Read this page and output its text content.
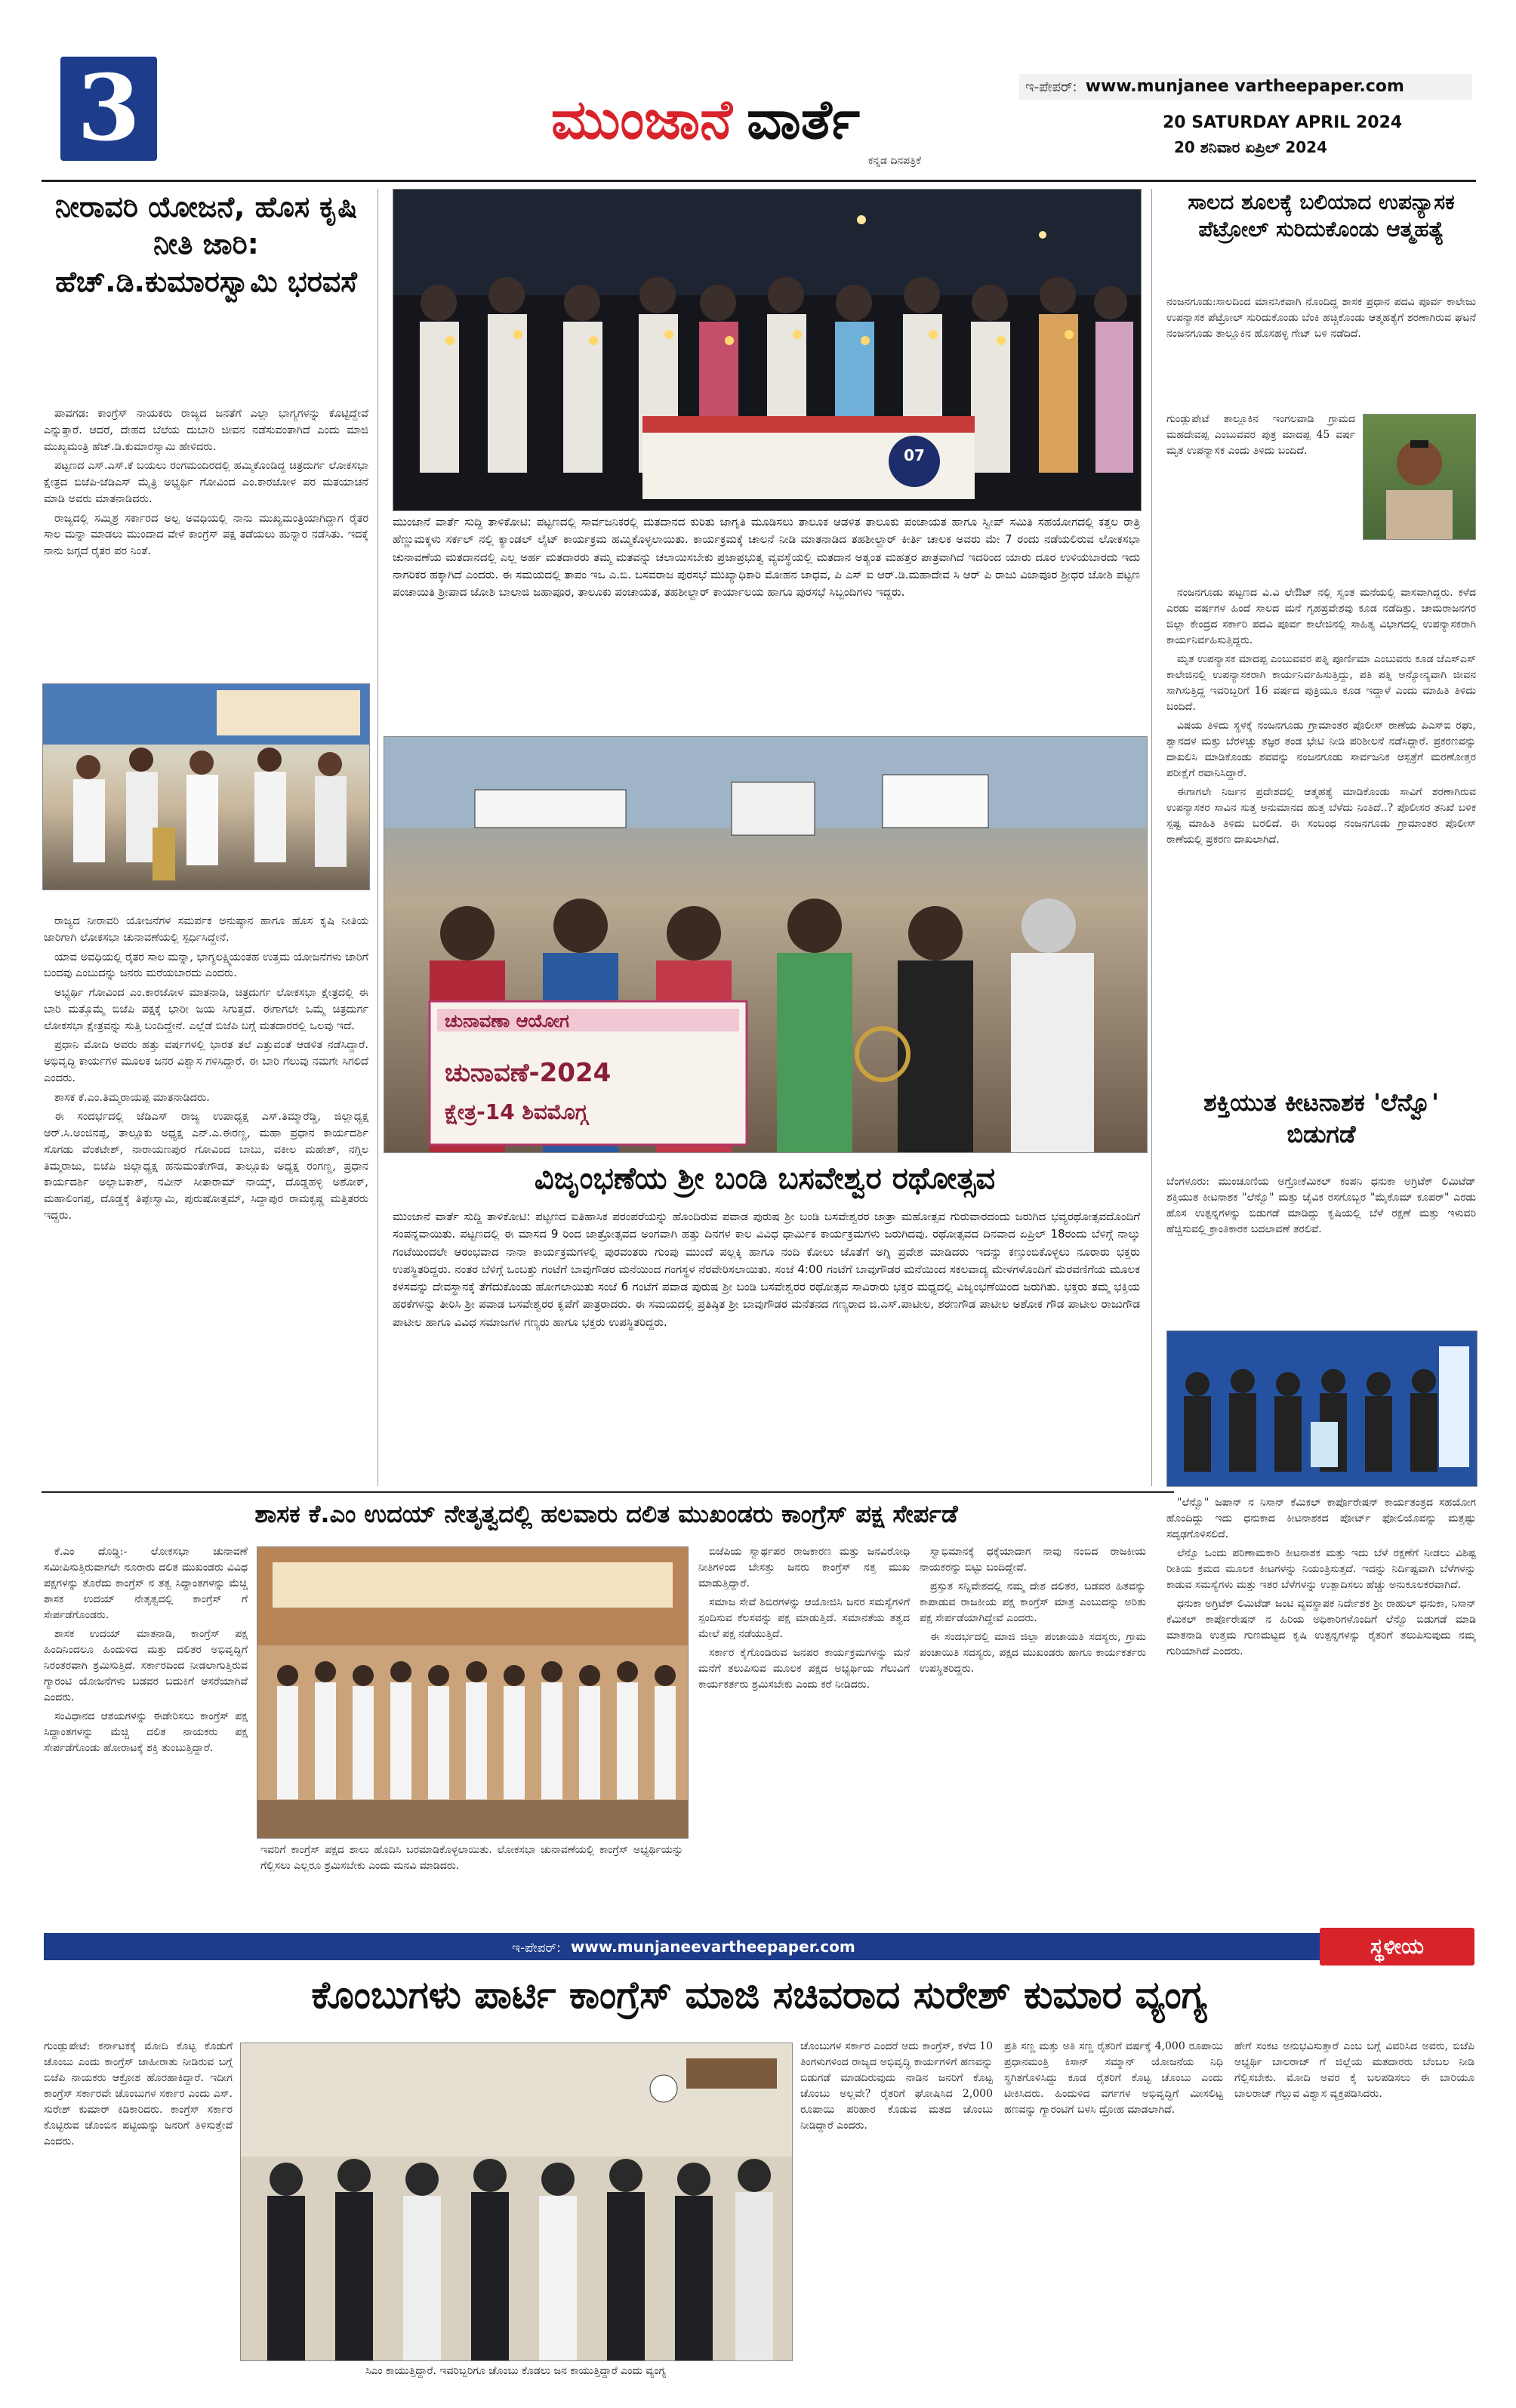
3	ಮುಂಜಾನೆ ವಾರ್ತೆ
ಕನ್ನಡ ದಿನಪತ್ರಿಕೆ
ಇ-ಪೇಪರ್: www.munjanee vartheepaper.com
20 SATURDAY APRIL 2024
20 ಶನಿವಾರ ಏಪ್ರಿಲ್ 2024
ನೀರಾವರಿ ಯೋಜನೆ, ಹೊಸ ಕೃಷಿ ನೀತಿ ಜಾರಿ: ಹೆಚ್.ಡಿ.ಕುಮಾರಸ್ವಾಮಿ ಭರವಸೆ

ಪಾವಗಡ: ಕಾಂಗ್ರೆಸ್ ನಾಯಕರು ರಾಜ್ಯದ ಜನತೆಗೆ ಎಲ್ಲಾ ಭಾಗ್ಯಗಳನ್ನು ಕೊಟ್ಟಿದ್ದೇವೆ ಎನ್ನುತ್ತಾರೆ. ಆದರೆ, ದೇಹದ ಬೆಲೆಯ ದುಬಾರಿ ಜೀವನ ನಡೆಸುವಂತಾಗಿದೆ ಎಂದು ಮಾಜಿ ಮುಖ್ಯಮಂತ್ರಿ ಹೆಚ್.ಡಿ.ಕುಮಾರಸ್ವಾಮಿ ಹೇಳಿದರು.

ಪಟ್ಟಣದ ಎಸ್.ಎಸ್.ಕೆ ಬಯಲು ರಂಗಮಂದಿರದಲ್ಲಿ ಹಮ್ಮಿಕೊಂಡಿದ್ದ ಚಿತ್ರದುರ್ಗ ಲೋಕಸಭಾ ಕ್ಷೇತ್ರದ ಬಿಜೆಪಿ-ಜೆಡಿಎಸ್ ಮೈತ್ರಿ ಅಭ್ಯರ್ಥಿ ಗೋವಿಂದ ಎಂ.ಕಾರಜೋಳ ಪರ ಮತಯಾಚನೆ ಮಾಡಿ ಅವರು ಮಾತನಾಡಿದರು.

ರಾಜ್ಯದಲ್ಲಿ ಸಮ್ಮಿಶ್ರ ಸರ್ಕಾರದ ಅಲ್ಪ ಅವಧಿಯಲ್ಲಿ ನಾನು ಮುಖ್ಯಮಂತ್ರಿಯಾಗಿದ್ದಾಗ ರೈತರ ಸಾಲ ಮನ್ನಾ ಮಾಡಲು ಮುಂದಾದ ವೇಳೆ ಕಾಂಗ್ರೆಸ್ ಪಕ್ಷ ತಡೆಯಲು ಹುನ್ನಾರ ನಡೆಸಿತು. ಇದಕ್ಕೆ ನಾನು ಜಗ್ಗದೆ ರೈತರ ಪರ ನಿಂತೆ.

ರಾಜ್ಯದ ನೀರಾವರಿ ಯೋಜನೆಗಳ ಸಮರ್ಪಕ ಅನುಷ್ಠಾನ ಹಾಗೂ ಹೊಸ ಕೃಷಿ ನೀತಿಯ ಜಾರಿಗಾಗಿ ಲೋಕಸಭಾ ಚುನಾವಣೆಯಲ್ಲಿ ಸ್ಪರ್ಧಿಸಿದ್ದೇನೆ.

ಯಾವ ಅವಧಿಯಲ್ಲಿ ರೈತರ ಸಾಲ ಮನ್ನಾ, ಭಾಗ್ಯಲಕ್ಷ್ಮಿಯಂತಹ ಉತ್ತಮ ಯೋಜನೆಗಳು ಜಾರಿಗೆ ಬಂದವು ಎಂಬುದನ್ನು ಜನರು ಮರೆಯಬಾರದು ಎಂದರು.

ಅಭ್ಯರ್ಥಿ ಗೋವಿಂದ ಎಂ.ಕಾರಜೋಳ ಮಾತನಾಡಿ, ಚಿತ್ರದುರ್ಗ ಲೋಕಸಭಾ ಕ್ಷೇತ್ರದಲ್ಲಿ ಈ ಬಾರಿ ಮತ್ತೊಮ್ಮೆ ಬಿಜೆಪಿ ಪಕ್ಷಕ್ಕೆ ಭಾರೀ ಜಯ ಸಿಗುತ್ತದೆ. ಈಗಾಗಲೇ ಒಮ್ಮೆ ಚಿತ್ರದುರ್ಗ ಲೋಕಸಭಾ ಕ್ಷೇತ್ರವನ್ನು ಸುತ್ತಿ ಬಂದಿದ್ದೇನೆ. ಎಲ್ಲೆಡೆ ಬಿಜೆಪಿ ಬಗ್ಗೆ ಮತದಾರರಲ್ಲಿ ಒಲವು ಇದೆ.

ಪ್ರಧಾನಿ ಮೋದಿ ಅವರು ಹತ್ತು ವರ್ಷಗಳಲ್ಲಿ ಭಾರತ ತಲೆ ಎತ್ತುವಂತೆ ಆಡಳಿತ ನಡೆಸಿದ್ದಾರೆ. ಅಭಿವೃದ್ಧಿ ಕಾರ್ಯಗಳ ಮೂಲಕ ಜನರ ವಿಶ್ವಾಸ ಗಳಿಸಿದ್ದಾರೆ. ಈ ಬಾರಿ ಗೆಲುವು ನಮಗೇ ಸಿಗಲಿದೆ ಎಂದರು.

ಶಾಸಕ ಕೆ.ಎಂ.ತಿಮ್ಮರಾಯಪ್ಪ ಮಾತನಾಡಿದರು.

ಈ ಸಂದರ್ಭದಲ್ಲಿ ಜೆಡಿಎಸ್ ರಾಜ್ಯ ಉಪಾಧ್ಯಕ್ಷ ಎಸ್.ತಿಮ್ಮಾರೆಡ್ಡಿ, ಜಿಲ್ಲಾಧ್ಯಕ್ಷ ಆರ್.ಸಿ.ಅಂಜಿನಪ್ಪ, ತಾಲ್ಲೂಕು ಅಧ್ಯಕ್ಷ ಎನ್.ಎ.ಈರಣ್ಣ, ಮಹಾ ಪ್ರಧಾನ ಕಾರ್ಯದರ್ಶಿ ಸೊಗಡು ವೆಂಕಟೇಶ್, ನಾರಾಯಣಪುರ ಗೋವಿಂದ ಬಾಬು, ವಕೀಲ ಮಹೇಶ್, ನಗ್ಗಿಲ ತಿಮ್ಮರಾಜು, ಬಿಜೆಪಿ ಜಿಲ್ಲಾಧ್ಯಕ್ಷ ಹನುಮಂತೇಗೌಡ, ತಾಲ್ಲೂಕು ಅಧ್ಯಕ್ಷ ರಂಗಣ್ಣ, ಪ್ರಧಾನ ಕಾರ್ಯದರ್ಶಿ ಅಲ್ಲಾಬಕಾಶ್, ನವೀನ್ ಸೀತಾರಾಮ್ ನಾಯ್ಕ್, ದೊಡ್ಡಹಳ್ಳಿ ಅಶೋಕ್, ಮಹಾಲಿಂಗಪ್ಪ, ದೊಡ್ಡಕ್ಕೆ ತಿಪ್ಪೇಸ್ವಾಮಿ, ಪುರುಷೋತ್ತಮ್, ಸಿದ್ದಾಪುರ ರಾಮಕೃಷ್ಣ ಮತ್ತಿತರರು ಇದ್ದರು.

07
ಮುಂಜಾನೆ ವಾರ್ತೆ ಸುದ್ದಿ ತಾಳಿಕೋಟಿ: ಪಟ್ಟಣದಲ್ಲಿ ಸಾರ್ವಜನಿಕರಲ್ಲಿ ಮತದಾನದ ಕುರಿತು ಜಾಗೃತಿ ಮೂಡಿಸಲು ತಾಲೂಕ ಆಡಳಿತ ತಾಲೂಕು ಪಂಚಾಯತ ಹಾಗೂ ಸ್ವೀಪ್ ಸಮಿತಿ ಸಹಯೋಗದಲ್ಲಿ ಕತ್ತಲ ರಾತ್ರಿ ಹೆಣ್ಣುಮಕ್ಕಳು ಸರ್ಕಲ್ ನಲ್ಲಿ ಕ್ಯಾಂಡಲ್ ಲೈಟ್ ಕಾರ್ಯಕ್ರಮ ಹಮ್ಮಿಕೊಳ್ಳಲಾಯಿತು. ಕಾರ್ಯಕ್ರಮಕ್ಕೆ ಚಾಲನೆ ನೀಡಿ ಮಾತನಾಡಿದ ತಹಶೀಲ್ದಾರ್ ಕೀರ್ತಿ ಚಾಲಕ ಅವರು ಮೇ 7 ರಂದು ನಡೆಯಲಿರುವ ಲೋಕಸಭಾ ಚುನಾವಣೆಯ ಮತದಾನದಲ್ಲಿ ಎಲ್ಲ ಅರ್ಹ ಮತದಾರರು ತಮ್ಮ ಮತವನ್ನು ಚಲಾಯಿಸಬೇಕು ಪ್ರಜಾಪ್ರಭುತ್ವ ವ್ಯವಸ್ಥೆಯಲ್ಲಿ ಮತದಾನ ಅತ್ಯಂತ ಮಹತ್ತರ ಪಾತ್ರವಾಗಿದೆ ಇದರಿಂದ ಯಾರು ದೂರ ಉಳಿಯಬಾರದು ಇದು ನಾಗರಿಕರ ಹಕ್ಕಾಗಿದೆ ಎಂದರು. ಈ ಸಮಯದಲ್ಲಿ ತಾಪಂ ಇಒ ಎ.ಬಿ. ಬಸವರಾಜ ಪುರಸಭೆ ಮುಖ್ಯಾಧಿಕಾರಿ ಮೋಹನ ಜಾಧವ, ಪಿ ಎಸ್ ಐ ಆರ್.ಡಿ.ಮಹಾದೇವ ಸಿ ಆರ್ ಪಿ ರಾಜು ವಿಜಾಪೂರ ಶ್ರೀಧರ ಜೋಶಿ ಪಟ್ಟಣ ಪಂಚಾಯಿತಿ ಶ್ರೀಪಾದ ಜೋಶಿ ಬಾಲಾಜಿ ಜಹಾಪೂರ, ತಾಲೂಕು ಪಂಚಾಯತ, ತಹಶೀಲ್ದಾರ್ ಕಾರ್ಯಾಲಯ ಹಾಗೂ ಪುರಸಭೆ ಸಿಬ್ಬಂದಿಗಳು ಇದ್ದರು.
ಚುನಾವಣಾ ಆಯೋಗ
ಚುನಾವಣೆ-2024
ಕ್ಷೇತ್ರ-14 ಶಿವಮೊಗ್ಗ
ವಿಜೃಂಭಣೆಯ ಶ್ರೀ ಬಂಡಿ ಬಸವೇಶ್ವರ ರಥೋತ್ಸವ
ಮುಂಜಾನೆ ವಾರ್ತೆ ಸುದ್ದಿ ತಾಳಿಕೋಟಿ: ಪಟ್ಟಣದ ಐತಿಹಾಸಿಕ ಪರಂಪರೆಯನ್ನು ಹೊಂದಿರುವ ಪವಾಡ ಪುರುಷ ಶ್ರೀ ಬಂಡಿ ಬಸವೇಶ್ವರರ ಜಾತ್ರಾ ಮಹೋತ್ಸವ ಗುರುವಾರದಂದು ಜರುಗಿದ ಭವ್ಯರಥೋತ್ಸವದೊಂದಿಗೆ ಸಂಪನ್ನವಾಯಿತು. ಪಟ್ಟಣದಲ್ಲಿ ಈ ಮಾಸದ 9 ರಿಂದ ಜಾತ್ರೋತ್ಸವದ ಅಂಗವಾಗಿ ಹತ್ತು ದಿನಗಳ ಕಾಲ ವಿವಿಧ ಧಾರ್ಮಿಕ ಕಾರ್ಯಕ್ರಮಗಳು ಜರುಗಿದವು. ರಥೋತ್ಸವದ ದಿನವಾದ ಏಪ್ರಿಲ್ 18ರಂದು ಬೆಳಿಗ್ಗೆ ನಾಲ್ಕು ಗಂಟೆಯಿಂದಲೇ ಆರಂಭವಾದ ನಾನಾ ಕಾರ್ಯಕ್ರಮಗಳಲ್ಲಿ ಪುರವಂತರು ಗುಂಪು ಮುಂದೆ ಪಲ್ಲಕ್ಕಿ ಹಾಗೂ ನಂದಿ ಕೋಲು ಜೊತೆಗೆ ಅಗ್ನಿ ಪ್ರವೇಶ ಮಾಡಿದರು ಇದನ್ನು ಕಣ್ತುಂಬಿಕೊಳ್ಳಲು ನೂರಾರು ಭಕ್ತರು ಉಪಸ್ಥಿತರಿದ್ದರು. ನಂತರ ಬೆಳಿಗ್ಗೆ ಒಂಬತ್ತು ಗಂಟೆಗೆ ಬಾವುಗೌಡರ ಮನೆಯಿಂದ ಗಂಗಸ್ಥಳ ನೆರವೇರಿಸಲಾಯಿತು. ಸಂಜೆ 4:00 ಗಂಟೆಗೆ ಬಾವುಗೌಡರ ಮನೆಯಿಂದ ಸಕಲವಾದ್ಯ ಮೇಳಗಳೊಂದಿಗೆ ಮೆರವಣಿಗೆಯ ಮೂಲಕ ಕಳಸವನ್ನು ದೇವಸ್ಥಾನಕ್ಕೆ ತೆಗೆದುಕೊಂಡು ಹೋಗಲಾಯಿತು ಸಂಜೆ 6 ಗಂಟೆಗೆ ಪವಾಡ ಪುರುಷ ಶ್ರೀ ಬಂಡಿ ಬಸವೇಶ್ವರರ ರಥೋತ್ಸವ ಸಾವಿರಾರು ಭಕ್ತರ ಮಧ್ಯದಲ್ಲಿ ವಿಜೃಂಭಣೆಯಿಂದ ಜರುಗಿತು. ಭಕ್ತರು ತಮ್ಮ ಭಕ್ತಿಯ ಹರಕೆಗಳನ್ನು ತೀರಿಸಿ ಶ್ರೀ ಪವಾಡ ಬಸವೇಶ್ವರರ ಕೃಪೆಗೆ ಪಾತ್ರರಾದರು. ಈ ಸಮಯದಲ್ಲಿ ಪ್ರತಿಷ್ಠಿತ ಶ್ರೀ ಬಾವುಗೌಡರ ಮನೆತನದ ಗಣ್ಯರಾದ ಜಿ.ಎಸ್.ಪಾಟೀಲ, ಶರಣಗೌಡ ಪಾಟೀಲ ಅಶೋಕ ಗೌಡ ಪಾಟೀಲ ರಾಜುಗೌಡ ಪಾಟೀಲ ಹಾಗೂ ವಿವಿಧ ಸಮಾಜಗಳ ಗಣ್ಯರು ಹಾಗೂ ಭಕ್ತರು ಉಪಸ್ಥಿತರಿದ್ದರು.
ಸಾಲದ ಶೂಲಕ್ಕೆ ಬಲಿಯಾದ ಉಪನ್ಯಾಸಕ ಪೆಟ್ರೋಲ್ ಸುರಿದುಕೊಂಡು ಆತ್ಮಹತ್ಯೆ
ನಂಜನಗೂಡು:ಸಾಲದಿಂದ ಮಾನಸಿಕವಾಗಿ ನೊಂದಿದ್ದ ಶಾಸಕ ಪ್ರಧಾನ ಪದವಿ ಪೂರ್ವ ಕಾಲೇಜು ಉಪನ್ಯಾಸಕ ಪೆಟ್ರೋಲ್ ಸುರಿದುಕೊಂಡು ಬೆಂಕಿ ಹಚ್ಚಿಕೊಂಡು ಆತ್ಮಹತ್ಯೆಗೆ ಶರಣಾಗಿರುವ ಘಟನೆ ನಂಜನಗೂಡು ತಾಲ್ಲೂಕಿನ ಹೊಸಹಳ್ಳಿ ಗೇಟ್ ಬಳಿ ನಡೆದಿದೆ.
ಗುಂಡ್ಲುಪೇಟೆ ತಾಲ್ಲೂಕಿನ ಇಂಗಲವಾಡಿ ಗ್ರಾಮದ ಮಹದೇವಪ್ಪ ಎಂಬುವವರ ಪುತ್ರ ಮಾದಪ್ಪ 45 ವರ್ಷ ಮೃತ ಉಪನ್ಯಾಸಕ ಎಂದು ತಿಳಿದು ಬಂದಿದೆ.

ನಂಜನಗೂಡು ಪಟ್ಟಣದ ವಿ.ವಿ ಲೇಔಟ್ ನಲ್ಲಿ ಸ್ವಂತ ಮನೆಯಲ್ಲಿ ವಾಸವಾಗಿದ್ದರು. ಕಳೆದ ಎರಡು ವರ್ಷಗಳ ಹಿಂದೆ ಸಾಲದ ಮನೆ ಗೃಹಪ್ರವೇಶವು ಕೂಡ ನಡೆದಿತ್ತು. ಚಾಮರಾಜನಗರ ಜಿಲ್ಲಾ ಕೇಂದ್ರದ ಸರ್ಕಾರಿ ಪದವಿ ಪೂರ್ವ ಕಾಲೇಜಿನಲ್ಲಿ ಸಾಹಿತ್ಯ ವಿಭಾಗದಲ್ಲಿ ಉಪನ್ಯಾಸಕರಾಗಿ ಕಾರ್ಯನಿರ್ವಹಿಸುತ್ತಿದ್ದರು.

ಮೃತ ಉಪನ್ಯಾಸಕ ಮಾದಪ್ಪ ಎಂಬುವವರ ಪತ್ನಿ ಪೂರ್ಣಿಮಾ ಎಂಬುವರು ಕೂಡ ಜೆಎಸ್‌ಎಸ್ ಕಾಲೇಜಿನಲ್ಲಿ ಉಪನ್ಯಾಸಕರಾಗಿ ಕಾರ್ಯನಿರ್ವಹಿಸುತ್ತಿದ್ದು, ಪತಿ ಪತ್ನಿ ಅನ್ಯೋನ್ಯವಾಗಿ ಜೀವನ ಸಾಗಿಸುತ್ತಿದ್ದ ಇವರಿಬ್ಬರಿಗೆ 16 ವರ್ಷದ ಪುತ್ರಿಯೂ ಕೂಡ ಇದ್ದಾಳೆ ಎಂದು ಮಾಹಿತಿ ತಿಳಿದು ಬಂದಿದೆ.

ವಿಷಯ ತಿಳಿದು ಸ್ಥಳಕ್ಕೆ ನಂಜನಗೂಡು ಗ್ರಾಮಾಂತರ ಪೊಲೀಸ್ ಠಾಣೆಯ ಪಿಎಸ್‌ಐ ರಘು, ಶ್ವಾನದಳ ಮತ್ತು ಬೆರಳಚ್ಚು ತಜ್ಞರ ತಂಡ ಭೇಟಿ ನೀಡಿ ಪರಿಶೀಲನೆ ನಡೆಸಿದ್ದಾರೆ. ಪ್ರಕರಣವನ್ನು ದಾಖಲಿಸಿ ಮಾಡಿಕೊಂಡು ಶವವನ್ನು ನಂಜನಗೂಡು ಸಾರ್ವಜನಿಕ ಆಸ್ಪತ್ರೆಗೆ ಮರಣೋತ್ತರ ಪರೀಕ್ಷೆಗೆ ರವಾನಿಸಿದ್ದಾರೆ.

ಈಗಾಗಲೇ ನಿರ್ಜನ ಪ್ರದೇಶದಲ್ಲಿ ಆತ್ಮಹತ್ಯೆ ಮಾಡಿಕೊಂಡು ಸಾವಿಗೆ ಶರಣಾಗಿರುವ ಉಪನ್ಯಾಸಕರ ಸಾವಿನ ಸುತ್ತ ಅನುಮಾನದ ಹುತ್ತ ಬೆಳೆದು ನಿಂತಿದೆ..? ಪೊಲೀಸರ ತನಿಖೆ ಬಳಿಕ ಸ್ಪಷ್ಟ ಮಾಹಿತಿ ತಿಳಿದು ಬರಲಿದೆ. ಈ ಸಂಬಂಧ ನಂಜನಗೂಡು ಗ್ರಾಮಾಂತರ ಪೊಲೀಸ್ ಠಾಣೆಯಲ್ಲಿ ಪ್ರಕರಣ ದಾಖಲಾಗಿದೆ.

ಶಕ್ತಿಯುತ ಕೀಟನಾಶಕ 'ಲೆನ್ವೊ' ಬಿಡುಗಡೆ
ಬೆಂಗಳೂರು: ಮುಂಚೂಣಿಯ ಅಗ್ರೋಕೆಮಿಕಲ್ ಕಂಪನಿ ಧನುಕಾ ಅಗ್ರಿಟೆಕ್ ಲಿಮಿಟೆಡ್ ಶಕ್ತಿಯುತ ಕೀಟನಾಶಕ "ಲೆನ್ವೊ" ಮತ್ತು ಜೈವಿಕ ರಸಗೊಬ್ಬರ "ಮೈಕೊಮ್ ಕೂಪರ್" ಎರಡು ಹೊಸ ಉತ್ಪನ್ನಗಳನ್ನು ಬಿಡುಗಡೆ ಮಾಡಿದ್ದು ಕೃಷಿಯಲ್ಲಿ ಬೆಳೆ ರಕ್ಷಣೆ ಮತ್ತು ಇಳುವರಿ ಹೆಚ್ಚಿಸುವಲ್ಲಿ ಕ್ರಾಂತಿಕಾರಕ ಬದಲಾವಣೆ ತರಲಿವೆ.
ಶಾಸಕ ಕೆ.ಎಂ ಉದಯ್ ನೇತೃತ್ವದಲ್ಲಿ ಹಲವಾರು ದಲಿತ ಮುಖಂಡರು ಕಾಂಗ್ರೆಸ್ ಪಕ್ಷ ಸೇರ್ಪಡೆ

ಕೆ.ಎಂ ದೊಡ್ಡಿ:- ಲೋಕಸಭಾ ಚುನಾವಣೆ ಸಮೀಪಿಸುತ್ತಿರುವಾಗಲೇ ನೂರಾರು ದಲಿತ ಮುಖಂಡರು ವಿವಿಧ ಪಕ್ಷಗಳನ್ನು ತೊರೆದು ಕಾಂಗ್ರೆಸ್ ನ ತತ್ವ ಸಿದ್ಧಾಂತಗಳನ್ನು ಮೆಚ್ಚಿ ಶಾಸಕ ಉದಯ್ ನೇತೃತ್ವದಲ್ಲಿ ಕಾಂಗ್ರೆಸ್ ಗೆ ಸೇರ್ಪಡೆಗೊಂಡರು.

ಶಾಸಕ ಉದಯ್ ಮಾತನಾಡಿ, ಕಾಂಗ್ರೆಸ್ ಪಕ್ಷ ಹಿಂದಿನಿಂದಲೂ ಹಿಂದುಳಿದ ಮತ್ತು ದಲಿತರ ಅಭಿವೃದ್ಧಿಗೆ ನಿರಂತರವಾಗಿ ಶ್ರಮಿಸುತ್ತಿದೆ. ಸರ್ಕಾರದಿಂದ ನೀಡಲಾಗುತ್ತಿರುವ ಗ್ಯಾರಂಟಿ ಯೋಜನೆಗಳು ಬಡವರ ಬದುಕಿಗೆ ಆಸರೆಯಾಗಿವೆ ಎಂದರು.

ಸಂವಿಧಾನದ ಆಶಯಗಳನ್ನು ಈಡೇರಿಸಲು ಕಾಂಗ್ರೆಸ್ ಪಕ್ಷ ಸಿದ್ಧಾಂತಗಳನ್ನು ಮೆಚ್ಚಿ ದಲಿತ ನಾಯಕರು ಪಕ್ಷ ಸೇರ್ಪಡೆಗೊಂಡು ಹೋರಾಟಕ್ಕೆ ಶಕ್ತಿ ತುಂಬುತ್ತಿದ್ದಾರೆ.

ಇವರಿಗೆ ಕಾಂಗ್ರೆಸ್ ಪಕ್ಷದ ಶಾಲು ಹೊದಿಸಿ ಬರಮಾಡಿಕೊಳ್ಳಲಾಯಿತು. ಲೋಕಸಭಾ ಚುನಾವಣೆಯಲ್ಲಿ ಕಾಂಗ್ರೆಸ್ ಅಭ್ಯರ್ಥಿಯನ್ನು ಗೆಲ್ಲಿಸಲು ಎಲ್ಲರೂ ಶ್ರಮಿಸಬೇಕು ಎಂದು ಮನವಿ ಮಾಡಿದರು.

ಬಿಜೆಪಿಯ ಸ್ವಾರ್ಥಪರ ರಾಜಕಾರಣ ಮತ್ತು ಜನವಿರೋಧಿ ನೀತಿಗಳಿಂದ ಬೇಸತ್ತು ಜನರು ಕಾಂಗ್ರೆಸ್ ನತ್ತ ಮುಖ ಮಾಡುತ್ತಿದ್ದಾರೆ.

ಸಮಾಜ ಸೇವೆ ಶಿಬಿರಗಳನ್ನು ಆಯೋಜಿಸಿ ಜನರ ಸಮಸ್ಯೆಗಳಿಗೆ ಸ್ಪಂದಿಸುವ ಕೆಲಸವನ್ನು ಪಕ್ಷ ಮಾಡುತ್ತಿದೆ. ಸಮಾನತೆಯ ತತ್ವದ ಮೇಲೆ ಪಕ್ಷ ನಡೆಯುತ್ತಿದೆ.

ಸರ್ಕಾರ ಕೈಗೊಂಡಿರುವ ಜನಪರ ಕಾರ್ಯಕ್ರಮಗಳನ್ನು ಮನೆ ಮನೆಗೆ ತಲುಪಿಸುವ ಮೂಲಕ ಪಕ್ಷದ ಅಭ್ಯರ್ಥಿಯ ಗೆಲುವಿಗೆ ಕಾರ್ಯಕರ್ತರು ಶ್ರಮಿಸಬೇಕು ಎಂದು ಕರೆ ನೀಡಿದರು.

ಸ್ವಾಭಿಮಾನಕ್ಕೆ ಧಕ್ಕೆಯಾದಾಗ ನಾವು ನಂಬಿದ ರಾಜಕೀಯ ನಾಯಕರನ್ನು ಬಿಟ್ಟು ಬಂದಿದ್ದೇವೆ.

ಪ್ರಸ್ತುತ ಸನ್ನಿವೇಶದಲ್ಲಿ ನಮ್ಮ ದೇಶ ದಲಿತರ, ಬಡವರ ಹಿತವನ್ನು ಕಾಪಾಡುವ ರಾಜಕೀಯ ಪಕ್ಷ ಕಾಂಗ್ರೆಸ್ ಮಾತ್ರ ಎಂಬುದನ್ನು ಅರಿತು ಪಕ್ಷ ಸೇರ್ಪಡೆಯಾಗಿದ್ದೇವೆ ಎಂದರು.

ಈ ಸಂದರ್ಭದಲ್ಲಿ ಮಾಜಿ ಜಿಲ್ಲಾ ಪಂಚಾಯತಿ ಸದಸ್ಯರು, ಗ್ರಾಮ ಪಂಚಾಯಿತಿ ಸದಸ್ಯರು, ಪಕ್ಷದ ಮುಖಂಡರು ಹಾಗೂ ಕಾರ್ಯಕರ್ತರು ಉಪಸ್ಥಿತರಿದ್ದರು.

"ಲೆನ್ವೊ" ಜಪಾನ್ ನ ನಿಸಾನ್ ಕೆಮಿಕಲ್ ಕಾರ್ಪೊರೇಷನ್ ಕಾರ್ಯತಂತ್ರದ ಸಹಯೋಗ ಹೊಂದಿದ್ದು ಇದು ಧನುಕಾದ ಕೀಟನಾಶಕದ ಪೋರ್ಟ್ ಫೋಲಿಯೊವನ್ನು ಮತ್ತಷ್ಟು ಸದೃಢಗೊಳಿಸಲಿದೆ.

ಲೆನ್ವೊ ಒಂದು ಪರಿಣಾಮಕಾರಿ ಕೀಟನಾಶಕ ಮತ್ತು ಇದು ಬೆಳೆ ರಕ್ಷಣೆಗೆ ನೀಡಲು ವಿಶಿಷ್ಟ ರೀತಿಯ ಕ್ರಮದ ಮೂಲಕ ಕೀಟಗಳನ್ನು ನಿಯಂತ್ರಿಸುತ್ತದೆ. ಇದನ್ನು ನಿರ್ದಿಷ್ಟವಾಗಿ ಬೆಳೆಗಳನ್ನು ಕಾಡುವ ಸಮಸ್ಯೆಗಳು ಮತ್ತು ಇತರ ಬೆಳೆಗಳನ್ನು ಉತ್ಪಾದಿಸಲು ಹೆಚ್ಚು ಅನುಕೂಲಕರವಾಗಿದೆ.

ಧನುಕಾ ಅಗ್ರಿಟೆಕ್ ಲಿಮಿಟೆಡ್ ಜಂಟಿ ವ್ಯವಸ್ಥಾಪಕ ನಿರ್ದೇಶಕ ಶ್ರೀ ರಾಹುಲ್ ಧನುಕಾ, ನಿಸಾನ್ ಕೆಮಿಕಲ್ ಕಾರ್ಪೊರೇಷನ್ ನ ಹಿರಿಯ ಅಧಿಕಾರಿಗಳೊಂದಿಗೆ ಲೆನ್ವೊ ಬಿಡುಗಡೆ ಮಾಡಿ ಮಾತನಾಡಿ ಉತ್ತಮ ಗುಣಮಟ್ಟದ ಕೃಷಿ ಉತ್ಪನ್ನಗಳನ್ನು ರೈತರಿಗೆ ತಲುಪಿಸುವುದು ನಮ್ಮ ಗುರಿಯಾಗಿದೆ ಎಂದರು.

ಇ-ಪೇಪರ್: www.munjaneevartheepaper.com	ಸ್ಥಳೀಯ
ಕೊಂಬುಗಳು ಪಾರ್ಟಿ ಕಾಂಗ್ರೆಸ್ ಮಾಜಿ ಸಚಿವರಾದ ಸುರೇಶ್ ಕುಮಾರ ವ್ಯಂಗ್ಯ
ಗುಂಡ್ಲುಪೇಟೆ: ಕರ್ನಾಟಕಕ್ಕೆ ಮೋದಿ ಕೊಟ್ಟ ಕೊಡುಗೆ ಚೊಂಬು ಎಂದು ಕಾಂಗ್ರೆಸ್ ಜಾಹೀರಾತು ನೀಡಿರುವ ಬಗ್ಗೆ ಬಿಜೆಪಿ ನಾಯಕರು ಆಕ್ರೋಶ ಹೊರಹಾಕಿದ್ದಾರೆ. ಇದೀಗ ಕಾಂಗ್ರೆಸ್ ಸರ್ಕಾರವೇ ಚೊಂಬುಗಳ ಸರ್ಕಾರ ಎಂದು ಎಸ್. ಸುರೇಶ್ ಕುಮಾರ್ ಕಿಡಿಕಾರಿದರು. ಕಾಂಗ್ರೆಸ್ ಸರ್ಕಾರ ಕೊಟ್ಟಿರುವ ಚೊಂಬಿನ ಪಟ್ಟಿಯನ್ನು ಜನರಿಗೆ ತಿಳಿಸುತ್ತೇವೆ ಎಂದರು.
ಸಿಎಂ ಕಾಯುತ್ತಿದ್ದಾರೆ. ಇವರಿಬ್ಬರಿಗೂ ಚೊಂಬು ಕೊಡಲು ಜನ ಕಾಯುತ್ತಿದ್ದಾರೆ ಎಂದು ವ್ಯಂಗ್ಯ
ಚೊಂಬುಗಳ ಸರ್ಕಾರ ಎಂದರೆ ಅದು ಕಾಂಗ್ರೆಸ್, ಕಳೆದ 10 ತಿಂಗಳುಗಳಿಂದ ರಾಜ್ಯದ ಅಭಿವೃದ್ಧಿ ಕಾರ್ಯಗಳಿಗೆ ಹಣವನ್ನು ಬಿಡುಗಡೆ ಮಾಡದಿರುವುದು ನಾಡಿನ ಜನರಿಗೆ ಕೊಟ್ಟ ಚೊಂಬು ಅಲ್ಲವೇ? ರೈತರಿಗೆ ಘೋಷಿಸಿದ 2,000 ರೂಪಾಯಿ ಪರಿಹಾರ ಕೊಡುವ ಮತದ ಚೊಂಬು ನೀಡಿದ್ದಾರೆ ಎಂದರು.
ಪ್ರತಿ ಸಣ್ಣ ಮತ್ತು ಅತಿ ಸಣ್ಣ ರೈತರಿಗೆ ವರ್ಷಕ್ಕೆ 4,000 ರೂಪಾಯಿ ಪ್ರಧಾನಮಂತ್ರಿ ಕಿಸಾನ್ ಸಮ್ಮಾನ್ ಯೋಜನೆಯ ನಿಧಿ ಸ್ಥಗಿತಗೊಳಿಸಿದ್ದು ಕೂಡ ರೈತರಿಗೆ ಕೊಟ್ಟ ಚೊಂಬು ಎಂದು ಟೀಕಿಸಿದರು. ಹಿಂದುಳಿದ ವರ್ಗಗಳ ಅಭಿವೃದ್ಧಿಗೆ ಮೀಸಲಿಟ್ಟ ಹಣವನ್ನು ಗ್ಯಾರಂಟಿಗೆ ಬಳಸಿ ದ್ರೋಹ ಮಾಡಲಾಗಿದೆ.
ಹೇಗೆ ಸಂಕಟ ಅನುಭವಿಸುತ್ತಾರೆ ಎಂಬ ಬಗ್ಗೆ ವಿವರಿಸಿದ ಅವರು, ಬಿಜೆಪಿ ಅಭ್ಯರ್ಥಿ ಬಾಲರಾಜ್ ಗೆ ಜಿಲ್ಲೆಯ ಮತದಾರರು ಬೆಂಬಲ ನೀಡಿ ಗೆಲ್ಲಿಸಬೇಕು. ಮೋದಿ ಅವರ ಕೈ ಬಲಪಡಿಸಲು ಈ ಬಾರಿಯೂ ಬಾಲರಾಜ್ ಗೆಲ್ಲುವ ವಿಶ್ವಾಸ ವ್ಯಕ್ತಪಡಿಸಿದರು.
